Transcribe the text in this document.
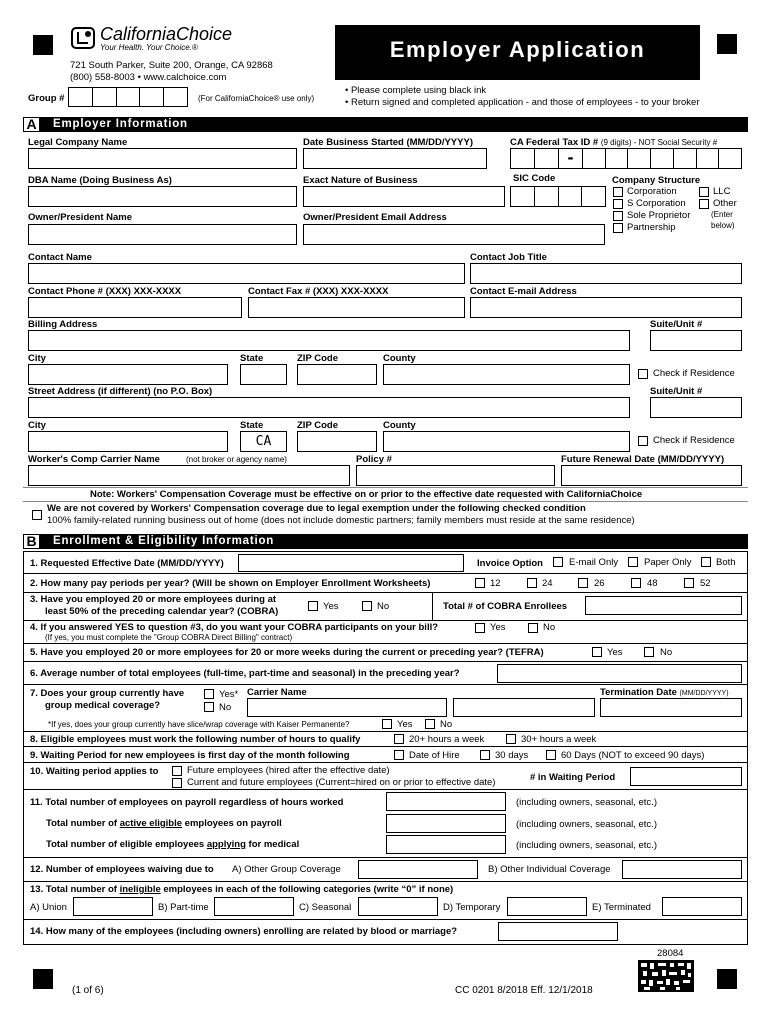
CaliforniaChoice
Your Health. Your Choice.®
721 South Parker, Suite 200, Orange, CA 92868
(800) 558-8003 • www.calchoice.com
Employer Application
• Please complete using black ink
• Return signed and completed application - and those of employees - to your broker
Group #	(For CaliforniaChoice® use only)
A Employer Information
Legal Company Name	Date Business Started (MM/DD/YYYY)	CA Federal Tax ID # (9 digits) - NOT Social Security #
-
DBA Name (Doing Business As)	Exact Nature of Business	SIC Code	Company Structure
Corporation	LLC
S Corporation	Other
Sole Proprietor	(Enter
Partnership	below)
Owner/President Name	Owner/President Email Address
Contact Name	Contact Job Title
Contact Phone # (XXX) XXX-XXXX	Contact Fax # (XXX) XXX-XXXX	Contact E-mail Address
Billing Address	Suite/Unit #
City	State	ZIP Code	County
Check if Residence
Street Address (if different) (no P.O. Box)	Suite/Unit #
City	State	ZIP Code	County
CA	Check if Residence
Worker's Comp Carrier Name	(not broker or agency name)	Policy #	Future Renewal Date (MM/DD/YYYY)
Note: Workers' Compensation Coverage must be effective on or prior to the effective date requested with CaliforniaChoice
We are not covered by Workers' Compensation coverage due to legal exemption under the following checked condition
100% family-related running business out of home (does not include domestic partners; family members must reside at the same residence)
B Enrollment & Eligibility Information
1. Requested Effective Date (MM/DD/YYYY)	Invoice Option	E-mail Only	Paper Only	Both
2. How many pay periods per year? (Will be shown on Employer Enrollment Worksheets)	12	24	26	48	52
3. Have you employed 20 or more employees during at
least 50% of the preceding calendar year? (COBRA)	Yes	No	Total # of COBRA Enrollees
4. If you answered YES to question #3, do you want your COBRA participants on your bill?
(If yes, you must complete the "Group COBRA Direct Billing" contract)
Yes	No
5. Have you employed 20 or more employees for 20 or more weeks during the current or preceding year? (TEFRA)	Yes	No
6. Average number of total employees (full-time, part-time and seasonal) in the preceding year?
7. Does your group currently have
group medical coverage?
Yes*
No
Carrier Name	Termination Date (MM/DD/YYYY)
*If yes, does your group currently have slice/wrap coverage with Kaiser Permanente?	Yes	No
8. Eligible employees must work the following number of hours to qualify	20+ hours a week	30+ hours a week
9. Waiting Period for new employees is first day of the month following	Date of Hire	30 days	60 Days (NOT to exceed 90 days)
10. Waiting period applies to	Future employees (hired after the effective date)
Current and future employees (Current=hired on or prior to effective date)	# in Waiting Period
11. Total number of employees on payroll regardless of hours worked	(including owners, seasonal, etc.)
Total number of active eligible employees on payroll	(including owners, seasonal, etc.)
Total number of eligible employees applying for medical	(including owners, seasonal, etc.)
12. Number of employees waiving due to A) Other Group Coverage	B) Other Individual Coverage
13. Total number of ineligible employees in each of the following categories (write “0” if none)
A) Union	B) Part-time	C) Seasonal	D) Temporary	E) Terminated
14. How many of the employees (including owners) enrolling are related by blood or marriage?
28084
(1 of 6)	CC 0201 8/2018 Eff. 12/1/2018
